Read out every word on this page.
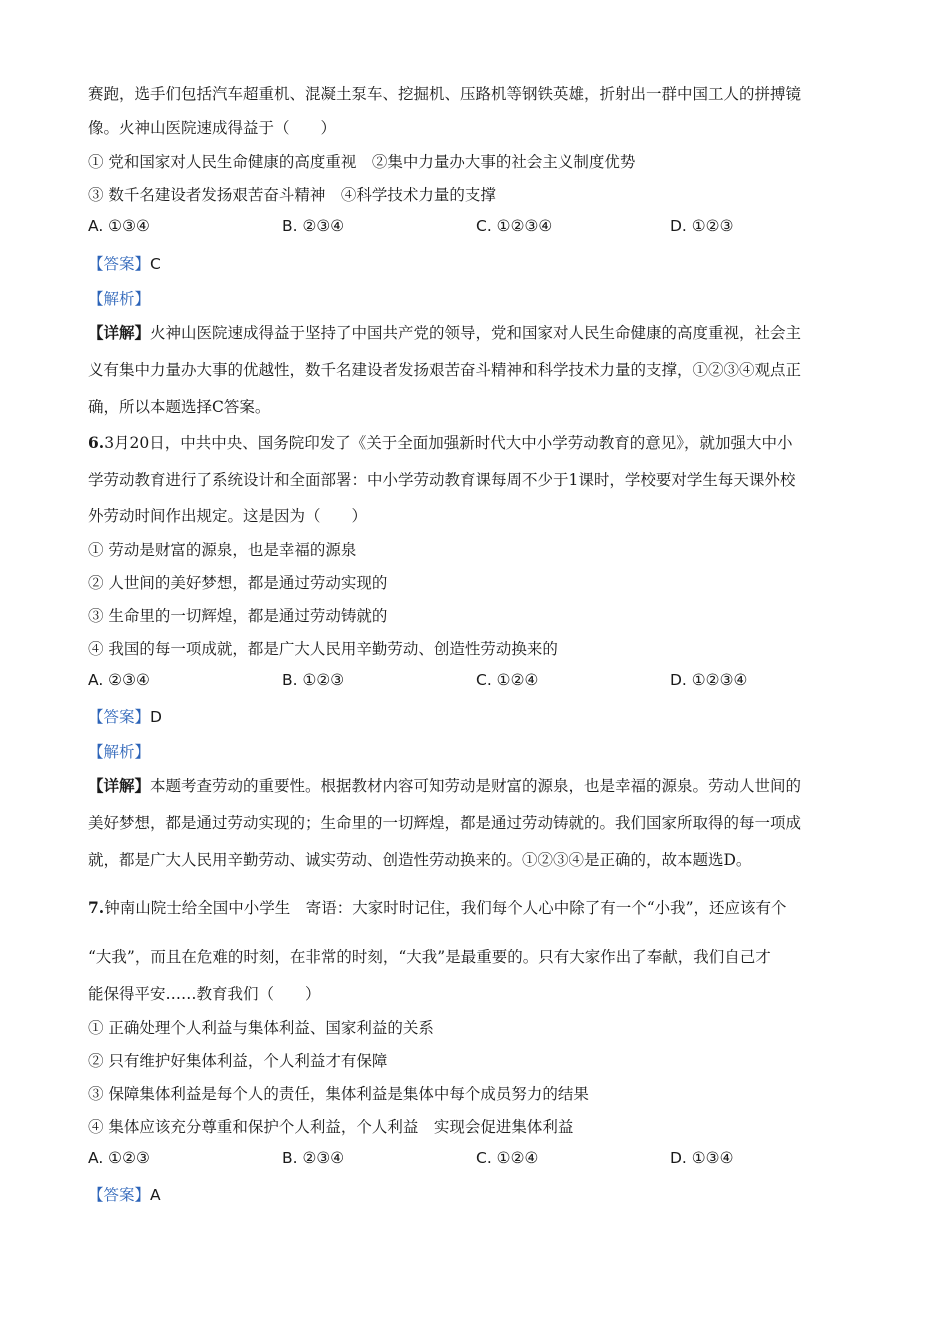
赛跑，选手们包括汽车超重机、混凝土泵车、挖掘机、压路机等钢铁英雄，折射出一群中国工人的拼搏镜
像。火神山医院速成得益于（　　）
① 党和国家对人民生命健康的高度重视　②集中力量办大事的社会主义制度优势
③ 数千名建设者发扬艰苦奋斗精神　④科学技术力量的支撑
A. ①③④	B. ②③④	C. ①②③④	D. ①②③
【答案】C
【解析】
【详解】火神山医院速成得益于坚持了中国共产党的领导，党和国家对人民生命健康的高度重视，社会主
义有集中力量办大事的优越性，数千名建设者发扬艰苦奋斗精神和科学技术力量的支撑，①②③④观点正
确，所以本题选择C答案。
6.3月20日，中共中央、国务院印发了《关于全面加强新时代大中小学劳动教育的意见》，就加强大中小
学劳动教育进行了系统设计和全面部署：中小学劳动教育课每周不少于1课时，学校要对学生每天课外校
外劳动时间作出规定。这是因为（　　）
① 劳动是财富的源泉，也是幸福的源泉
② 人世间的美好梦想，都是通过劳动实现的
③ 生命里的一切辉煌，都是通过劳动铸就的
④ 我国的每一项成就，都是广大人民用辛勤劳动、创造性劳动换来的
A. ②③④	B. ①②③	C. ①②④	D. ①②③④
【答案】D
【解析】
【详解】本题考查劳动的重要性。根据教材内容可知劳动是财富的源泉，也是幸福的源泉。劳动人世间的
美好梦想，都是通过劳动实现的；生命里的一切辉煌，都是通过劳动铸就的。我们国家所取得的每一项成
就，都是广大人民用辛勤劳动、诚实劳动、创造性劳动换来的。①②③④是正确的，故本题选D。
7.钟南山院士给全国中小学生　寄语：大家时时记住，我们每个人心中除了有一个“小我”，还应该有个
“大我”，而且在危难的时刻，在非常的时刻，“大我”是最重要的。只有大家作出了奉献，我们自己才
能保得平安……教育我们（　　）
① 正确处理个人利益与集体利益、国家利益的关系
② 只有维护好集体利益，个人利益才有保障
③ 保障集体利益是每个人的责任，集体利益是集体中每个成员努力的结果
④ 集体应该充分尊重和保护个人利益，个人利益　实现会促进集体利益
A. ①②③	B. ②③④	C. ①②④	D. ①③④
【答案】A
